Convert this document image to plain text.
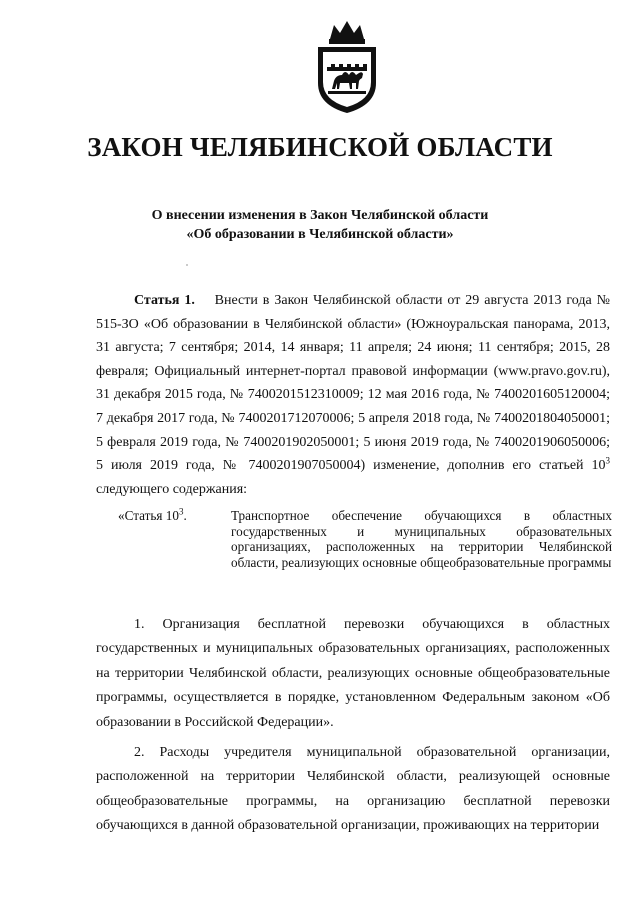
ЗАКОН ЧЕЛЯБИНСКОЙ ОБЛАСТИ
О внесении изменения в Закон Челябинской области
«Об образовании в Челябинской области»

Статья 1. Внести в Закон Челябинской области от 29 августа 2013 года № 515-ЗО «Об образовании в Челябинской области» (Южноуральская панорама, 2013, 31 августа; 7 сентября; 2014, 14 января; 11 апреля; 24 июня; 11 сентября; 2015, 28 февраля; Официальный интернет-портал правовой информации (www.pravo.gov.ru), 31 декабря 2015 года, № 7400201512310009; 12 мая 2016 года, № 7400201605120004; 7 декабря 2017 года, № 7400201712070006; 5 апреля 2018 года, № 7400201804050001; 5 февраля 2019 года, № 7400201902050001; 5 июня 2019 года, № 7400201906050006; 5 июля 2019 года, № 7400201907050004) изменение, дополнив его статьей $10^3$ следующего содержания:

«Статья $10^3$.	Транспортное обеспечение обучающихся в областных государственных и муниципальных образовательных организациях, расположенных на территории Челябинской области, реализующих основные общеобразовательные программы

1. Организация бесплатной перевозки обучающихся в областных государственных и муниципальных образовательных организациях, расположенных на территории Челябинской области, реализующих основные общеобразовательные программы, осуществляется в порядке, установленном Федеральным законом «Об образовании в Российской Федерации».

2. Расходы учредителя муниципальной образовательной организации, расположенной на территории Челябинской области, реализующей основные общеобразовательные программы, на организацию бесплатной перевозки обучающихся в данной образовательной организации, проживающих на территории
